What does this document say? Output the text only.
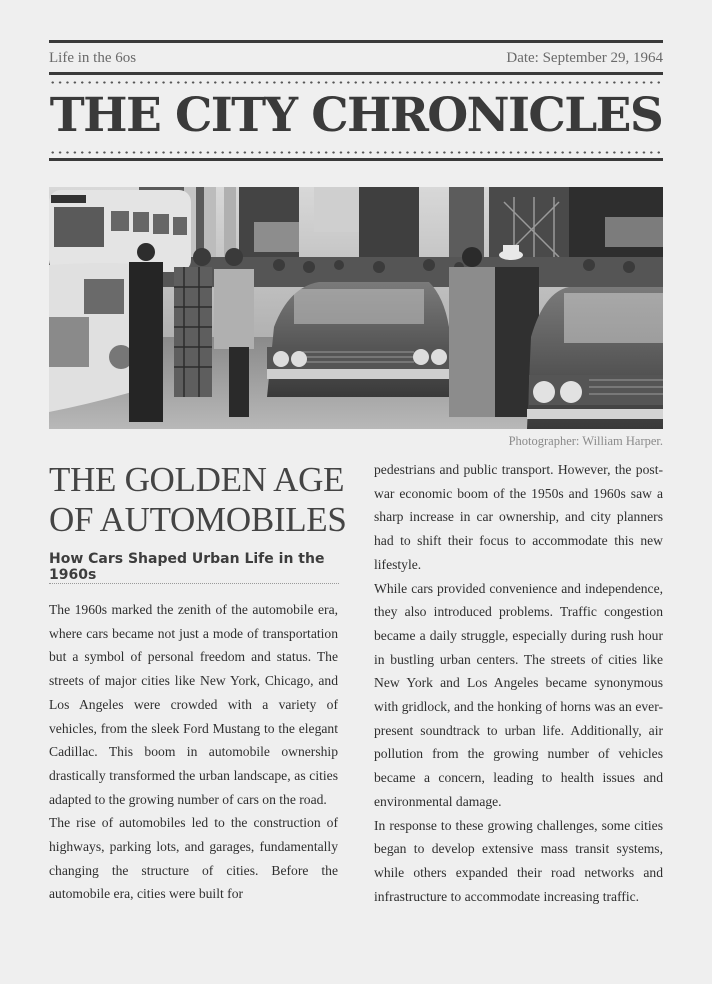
Life in the 6os	Date: September 29, 1964
THE CITY CHRONICLES
Photographer: William Harper.
THE GOLDEN AGE
OF AUTOMOBILES
How Cars Shaped Urban Life in the 1960s

The 1960s marked the zenith of the automobile era, where cars became not just a mode of transportation but a symbol of personal freedom and status. The streets of major cities like New York, Chicago, and Los Angeles were crowded with a variety of vehicles, from the sleek Ford Mustang to the elegant Cadillac. This boom in automobile ownership drastically transformed the urban landscape, as cities adapted to the growing number of cars on the road.

The rise of automobiles led to the construction of highways, parking lots, and garages, fundamentally changing the structure of cities. Before the automobile era, cities were built for

pedestrians and public transport. However, the post-war economic boom of the 1950s and 1960s saw a sharp increase in car ownership, and city planners had to shift their focus to accommodate this new lifestyle.

While cars provided convenience and independence, they also introduced problems. Traffic congestion became a daily struggle, especially during rush hour in bustling urban centers. The streets of cities like New York and Los Angeles became synonymous with gridlock, and the honking of horns was an ever-present soundtrack to urban life. Additionally, air pollution from the growing number of vehicles became a concern, leading to health issues and environmental damage.

In response to these growing challenges, some cities began to develop extensive mass transit systems, while others expanded their road networks and infrastructure to accommodate increasing traffic.
